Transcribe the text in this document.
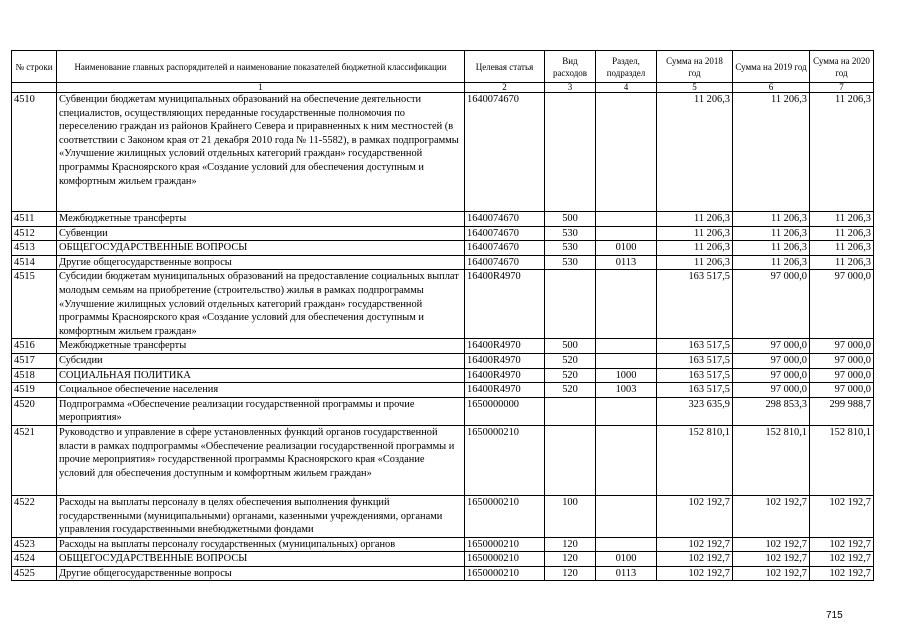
№ строки	Наименование главных распорядителей и наименование показателей бюджетной классификации	Целевая статья	Вид расходов	Раздел, подраздел	Сумма на 2018 год	Сумма на 2019 год	Сумма на 2020 год
	1	2	3	4	5	6	7
4510	Субвенции бюджетам муниципальных образований на обеспечение деятельности специалистов, осуществляющих переданные государственные полномочия по переселению граждан из районов Крайнего Севера и приравненных к ним местностей (в соответствии с Законом края от 21 декабря 2010 года № 11-5582), в рамках подпрограммы «Улучшение жилищных условий отдельных категорий граждан» государственной программы Красноярского края «Создание условий для обеспечения доступным и комфортным жильем граждан»	1640074670			11 206,3	11 206,3	11 206,3
4511	Межбюджетные трансферты	1640074670	500		11 206,3	11 206,3	11 206,3
4512	Субвенции	1640074670	530		11 206,3	11 206,3	11 206,3
4513	ОБЩЕГОСУДАРСТВЕННЫЕ ВОПРОСЫ	1640074670	530	0100	11 206,3	11 206,3	11 206,3
4514	Другие общегосударственные вопросы	1640074670	530	0113	11 206,3	11 206,3	11 206,3
4515	Субсидии бюджетам муниципальных образований на предоставление социальных выплат молодым семьям на приобретение (строительство) жилья в рамках подпрограммы «Улучшение жилищных условий отдельных категорий граждан» государственной программы Красноярского края «Создание условий для обеспечения доступным и комфортным жильем граждан»	16400R4970			163 517,5	97 000,0	97 000,0
4516	Межбюджетные трансферты	16400R4970	500		163 517,5	97 000,0	97 000,0
4517	Субсидии	16400R4970	520		163 517,5	97 000,0	97 000,0
4518	СОЦИАЛЬНАЯ ПОЛИТИКА	16400R4970	520	1000	163 517,5	97 000,0	97 000,0
4519	Социальное обеспечение населения	16400R4970	520	1003	163 517,5	97 000,0	97 000,0
4520	Подпрограмма «Обеспечение реализации государственной программы и прочие мероприятия»	1650000000			323 635,9	298 853,3	299 988,7
4521	Руководство и управление в сфере установленных функций органов государственной власти в рамках подпрограммы «Обеспечение реализации государственной программы и прочие мероприятия» государственной программы Красноярского края «Создание условий для обеспечения доступным и комфортным жильем граждан»	1650000210			152 810,1	152 810,1	152 810,1
4522	Расходы на выплаты персоналу в целях обеспечения выполнения функций государственными (муниципальными) органами, казенными учреждениями, органами управления государственными внебюджетными фондами	1650000210	100		102 192,7	102 192,7	102 192,7
4523	Расходы на выплаты персоналу государственных (муниципальных) органов	1650000210	120		102 192,7	102 192,7	102 192,7
4524	ОБЩЕГОСУДАРСТВЕННЫЕ ВОПРОСЫ	1650000210	120	0100	102 192,7	102 192,7	102 192,7
4525	Другие общегосударственные вопросы	1650000210	120	0113	102 192,7	102 192,7	102 192,7
715
